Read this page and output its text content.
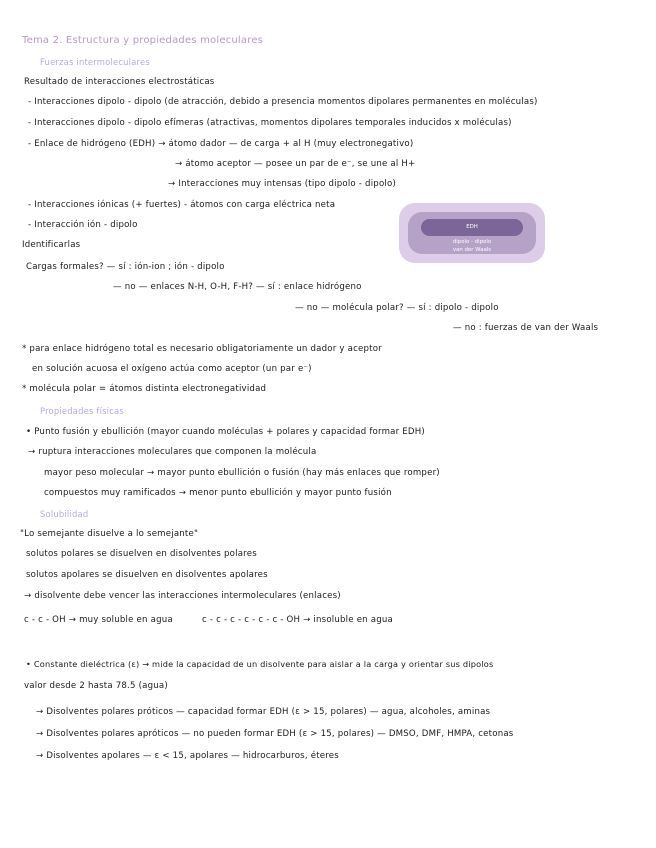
Tema 2. Estructura y propiedades moleculares
Fuerzas intermoleculares
Resultado de interacciones electrostáticas
- Interacciones dipolo - dipolo (de atracción, debido a presencia momentos dipolares permanentes en moléculas)
- Interacciones dipolo - dipolo efímeras (atractivas, momentos dipolares temporales inducidos x moléculas)
- Enlace de hidrógeno (EDH) → átomo dador — de carga + al H (muy electronegativo)
→ átomo aceptor — posee un par de e⁻, se une al H+
→ Interacciones muy intensas (tipo dipolo - dipolo)
- Interacciones iónicas (+ fuertes) - átomos con carga eléctrica neta
- Interacción ión - dipolo
Identificarlas
Cargas formales? — sí : ión-ion ; ión - dipolo
— no — enlaces N-H, O-H, F-H? — sí : enlace hidrógeno
— no — molécula polar? — sí : dipolo - dipolo
— no : fuerzas de van der Waals
* para enlace hidrógeno total es necesario obligatoriamente un dador y aceptor
en solución acuosa el oxígeno actúa como aceptor (un par e⁻)
* molécula polar = átomos distinta electronegatividad
Propiedades físicas
• Punto fusión y ebullición (mayor cuando moléculas + polares y capacidad formar EDH)
→ ruptura interacciones moleculares que componen la molécula
mayor peso molecular → mayor punto ebullición o fusión (hay más enlaces que romper)
compuestos muy ramificados → menor punto ebullición y mayor punto fusión
Solubilidad
"Lo semejante disuelve a lo semejante"
solutos polares se disuelven en disolventes polares
solutos apolares se disuelven en disolventes apolares
→ disolvente debe vencer las interacciones intermoleculares (enlaces)
c - c - OH → muy soluble en agua	c - c - c - c - c - c - OH → insoluble en agua
• Constante dieléctrica (ε) → mide la capacidad de un disolvente para aislar a la carga y orientar sus dipolos
valor desde 2 hasta 78.5 (agua)
→ Disolventes polares próticos — capacidad formar EDH (ε > 15, polares) — agua, alcoholes, aminas
→ Disolventes polares apróticos — no pueden formar EDH (ε > 15, polares) — DMSO, DMF, HMPA, cetonas
→ Disolventes apolares — ε < 15, apolares — hidrocarburos, éteres
EDH
dipolo - dipolo
van der Waals
